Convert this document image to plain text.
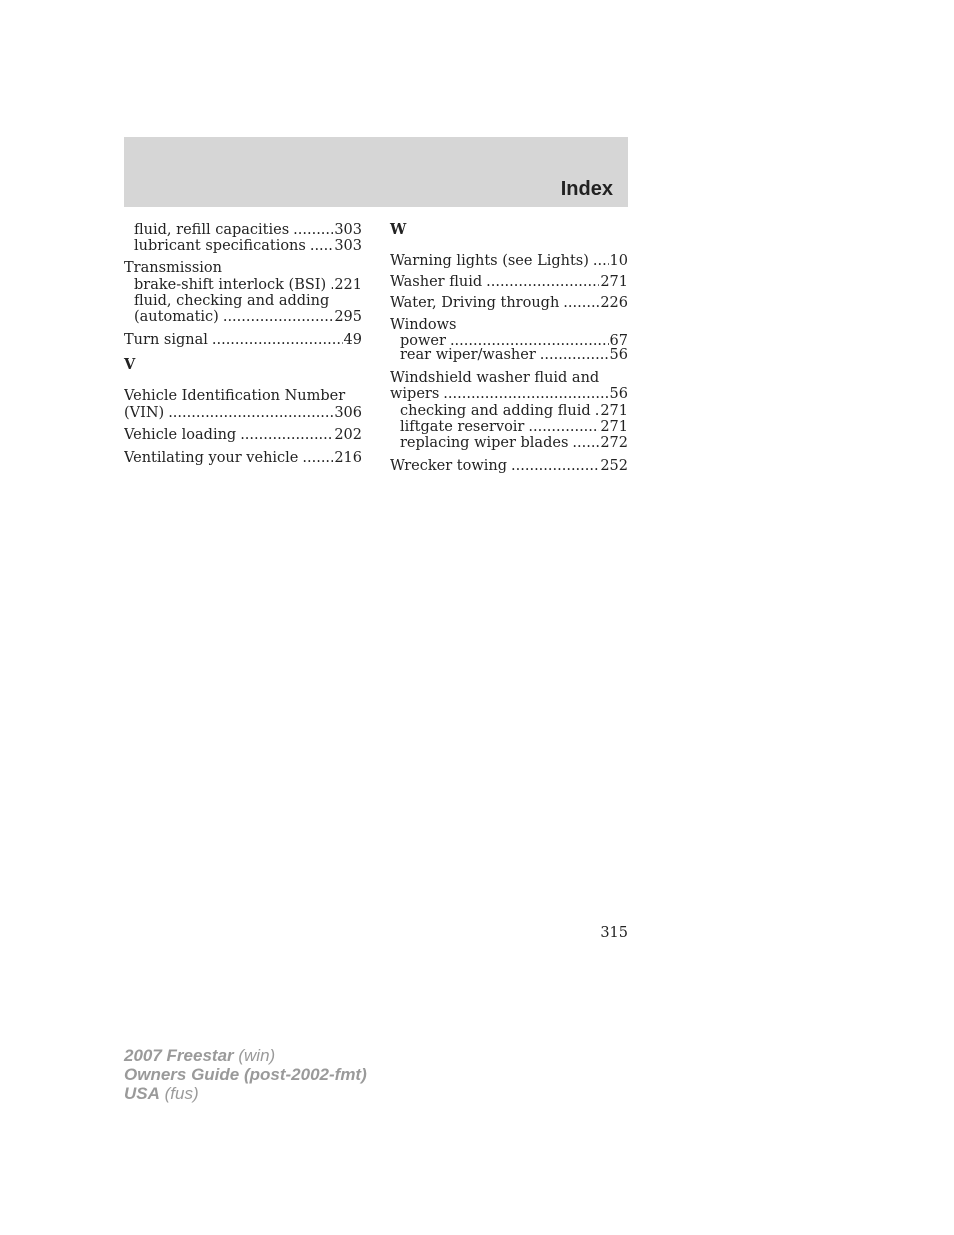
Index
fluid, refill capacities .....	303
lubricant specifications ..... 303
Transmission
brake-shift interlock (BSI) ..... 221
fluid, checking and adding
(automatic) .....	295
Turn signal .....	49
V
Vehicle Identification Number
(VIN) .....	306
Vehicle loading .....	202
Ventilating your vehicle ..... 216
W
Warning lights (see Lights) ..... 10
Washer fluid .....	271
Water, Driving through .....	226
Windows
power .....	67
rear wiper/washer .....	56
Windshield washer fluid and
wipers .....	56
checking and adding fluid ..... 271
liftgate reservoir .....	271
replacing wiper blades ..... 272
Wrecker towing .....	252
315
2007 Freestar (win)
Owners Guide (post-2002-fmt)
USA (fus)
